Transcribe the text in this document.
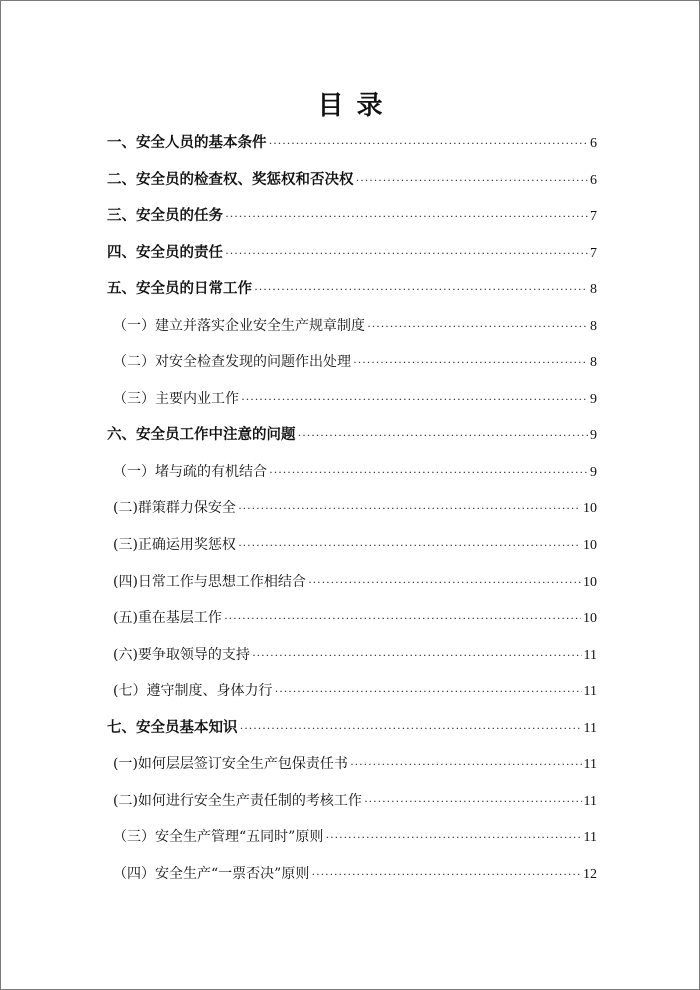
目 录
一、安全人员的基本条件 ·····	6
二、安全员的检查权、奖惩权和否决权 ·····	6
三、安全员的任务 ·····	7
四、安全员的责任 ·····	7
五、安全员的日常工作 ·····	8
（一）建立并落实企业安全生产规章制度 ·····	8
（二）对安全检查发现的问题作出处理 ·····	8
（三）主要内业工作 ·····	9
六、安全员工作中注意的问题 ·····	9
（一）堵与疏的有机结合 ·····	9
(二)群策群力保安全 ·····	10
(三)正确运用奖惩权 ·····	10
(四)日常工作与思想工作相结合 ·····	10
(五)重在基层工作 ·····	10
(六)要争取领导的支持 ·····	11
(七）遵守制度、身体力行 ·····	11
七、安全员基本知识 ·····	11
(一)如何层层签订安全生产包保责任书 ·····	11
(二)如何进行安全生产责任制的考核工作 ·····	11
（三）安全生产管理“五同时”原则 ·····	11
（四）安全生产“一票否决”原则 ·····	12
